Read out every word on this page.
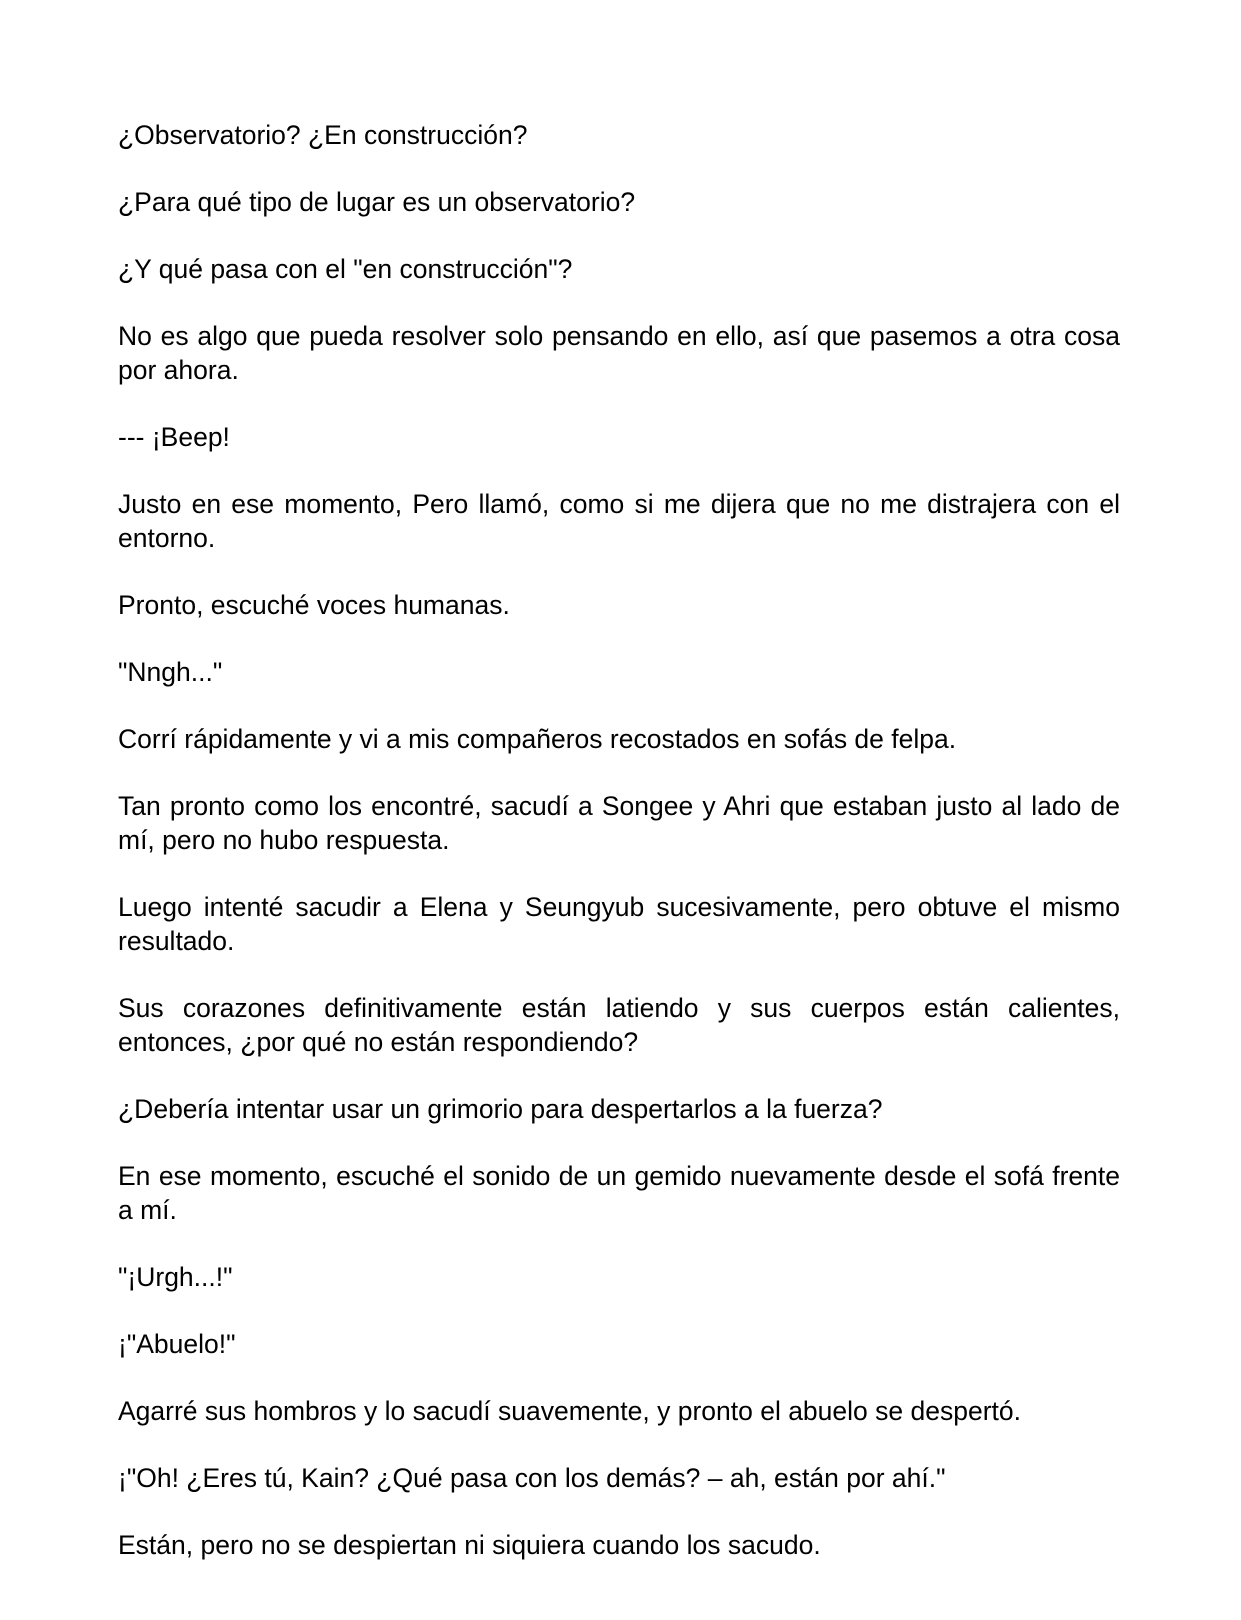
¿Observatorio? ¿En construcción?

¿Para qué tipo de lugar es un observatorio?

¿Y qué pasa con el "en construcción"?

No es algo que pueda resolver solo pensando en ello, así que pasemos a otra cosa por ahora.

--- ¡Beep!

Justo en ese momento, Pero llamó, como si me dijera que no me distrajera con el entorno.

Pronto, escuché voces humanas.

"Nngh..."

Corrí rápidamente y vi a mis compañeros recostados en sofás de felpa.

Tan pronto como los encontré, sacudí a Songee y Ahri que estaban justo al lado de mí, pero no hubo respuesta.

Luego intenté sacudir a Elena y Seungyub sucesivamente, pero obtuve el mismo resultado.

Sus corazones definitivamente están latiendo y sus cuerpos están calientes, entonces, ¿por qué no están respondiendo?

¿Debería intentar usar un grimorio para despertarlos a la fuerza?

En ese momento, escuché el sonido de un gemido nuevamente desde el sofá frente a mí.

"¡Urgh...!"

¡"Abuelo!"

Agarré sus hombros y lo sacudí suavemente, y pronto el abuelo se despertó.

¡"Oh! ¿Eres tú, Kain? ¿Qué pasa con los demás? – ah, están por ahí."

Están, pero no se despiertan ni siquiera cuando los sacudo.
